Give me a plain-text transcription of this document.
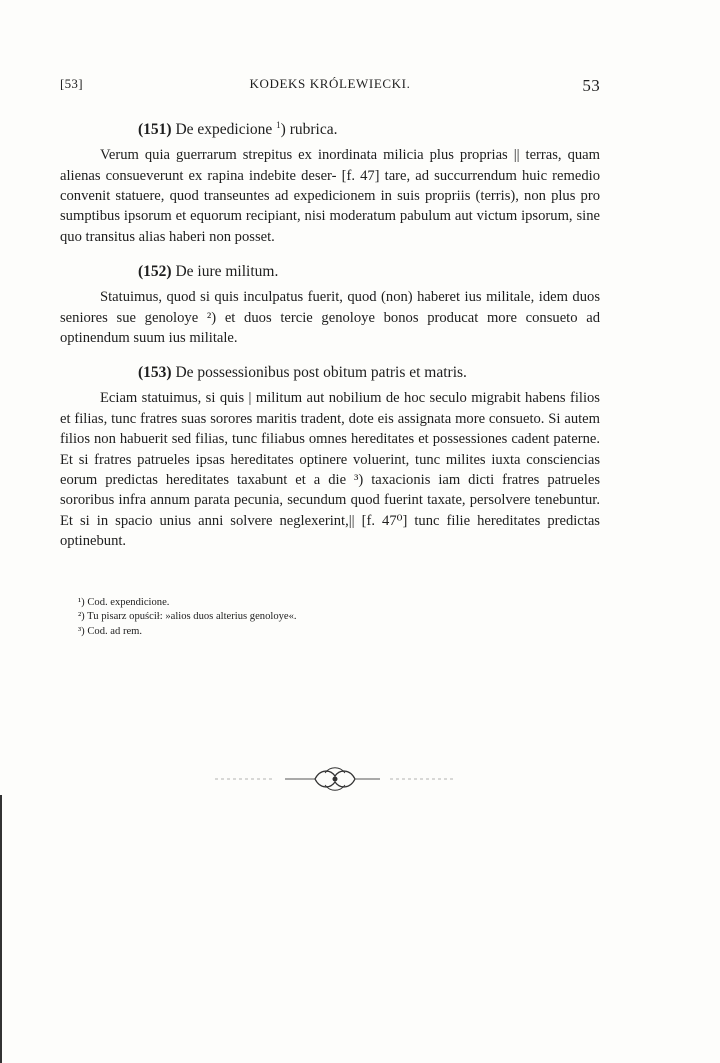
[53]	KODEKS KRÓLEWIECKI.	53

(151) De expedicione $^1$) rubrica.

Verum quia guerrarum strepitus ex inordinata milicia plus proprias || terras, quam alienas consueverunt ex rapina indebite deser- [f. 47] tare, ad succurrendum huic remedio convenit statuere, quod transeuntes ad expedicionem in suis propriis (terris), non plus pro sumptibus ipsorum et equorum recipiant, nisi moderatum pabulum aut victum ipsorum, sine quo transitus alias haberi non posset.

(152) De iure militum.

Statuimus, quod si quis inculpatus fuerit, quod (non) haberet ius militale, idem duos seniores sue genoloye ²) et duos tercie genoloye bonos producat more consueto ad optinendum suum ius militale.

(153) De possessionibus post obitum patris et matris.

Eciam statuimus, si quis | militum aut nobilium de hoc seculo migrabit habens filios et filias, tunc fratres suas sorores maritis tradent, dote eis assignata more consueto. Si autem filios non habuerit sed filias, tunc filiabus omnes hereditates et possessiones cadent paterne. Et si fratres patrueles ipsas hereditates optinere voluerint, tunc milites iuxta consciencias eorum predictas hereditates taxabunt et a die ³) taxacionis iam dicti fratres patrueles sororibus infra annum parata pecunia, secundum quod fuerint taxate, persolvere tenebuntur. Et si in spacio unius anni solvere neglexerint,|| [f. 47⁰] tunc filie hereditates predictas optinebunt.

¹) Cod. expendicione.
²) Tu pisarz opuścił: »alios duos alterius genoloye«.
³) Cod. ad rem.
